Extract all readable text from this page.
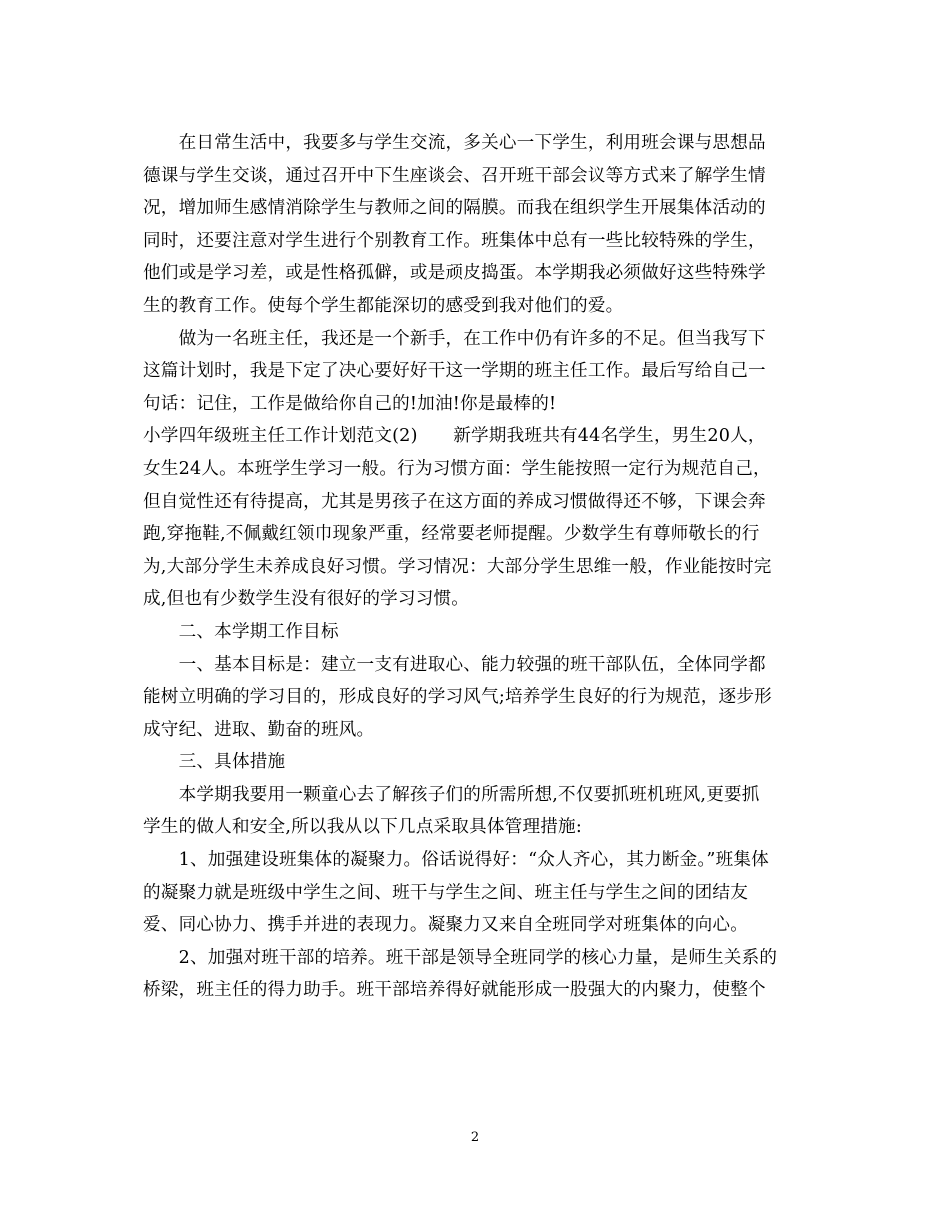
　　在日常生活中，我要多与学生交流，多关心一下学生，利用班会课与思想品
德课与学生交谈，通过召开中下生座谈会、召开班干部会议等方式来了解学生情
况，增加师生感情消除学生与教师之间的隔膜。而我在组织学生开展集体活动的
同时，还要注意对学生进行个别教育工作。班集体中总有一些比较特殊的学生，
他们或是学习差，或是性格孤僻，或是顽皮捣蛋。本学期我必须做好这些特殊学
生的教育工作。使每个学生都能深切的感受到我对他们的爱。
　　做为一名班主任，我还是一个新手，在工作中仍有许多的不足。但当我写下
这篇计划时，我是下定了决心要好好干这一学期的班主任工作。最后写给自己一
句话：记住，工作是做给你自己的!加油!你是最棒的!
小学四年级班主任工作计划范文(2)　　新学期我班共有44名学生，男生20人，
女生24人。本班学生学习一般。行为习惯方面：学生能按照一定行为规范自己，
但自觉性还有待提高，尤其是男孩子在这方面的养成习惯做得还不够，下课会奔
跑,穿拖鞋,不佩戴红领巾现象严重，经常要老师提醒。少数学生有尊师敬长的行
为,大部分学生未养成良好习惯。学习情况：大部分学生思维一般，作业能按时完
成,但也有少数学生没有很好的学习习惯。
　　二、本学期工作目标
　　一、基本目标是：建立一支有进取心、能力较强的班干部队伍，全体同学都
能树立明确的学习目的，形成良好的学习风气;培养学生良好的行为规范，逐步形
成守纪、进取、勤奋的班风。
　　三、具体措施
　　本学期我要用一颗童心去了解孩子们的所需所想,不仅要抓班机班风,更要抓
学生的做人和安全,所以我从以下几点采取具体管理措施:
　　1、加强建设班集体的凝聚力。俗话说得好：“众人齐心，其力断金。”班集体
的凝聚力就是班级中学生之间、班干与学生之间、班主任与学生之间的团结友
爱、同心协力、携手并进的表现力。凝聚力又来自全班同学对班集体的向心。
　　2、加强对班干部的培养。班干部是领导全班同学的核心力量，是师生关系的
桥梁，班主任的得力助手。班干部培养得好就能形成一股强大的内聚力，使整个
2
